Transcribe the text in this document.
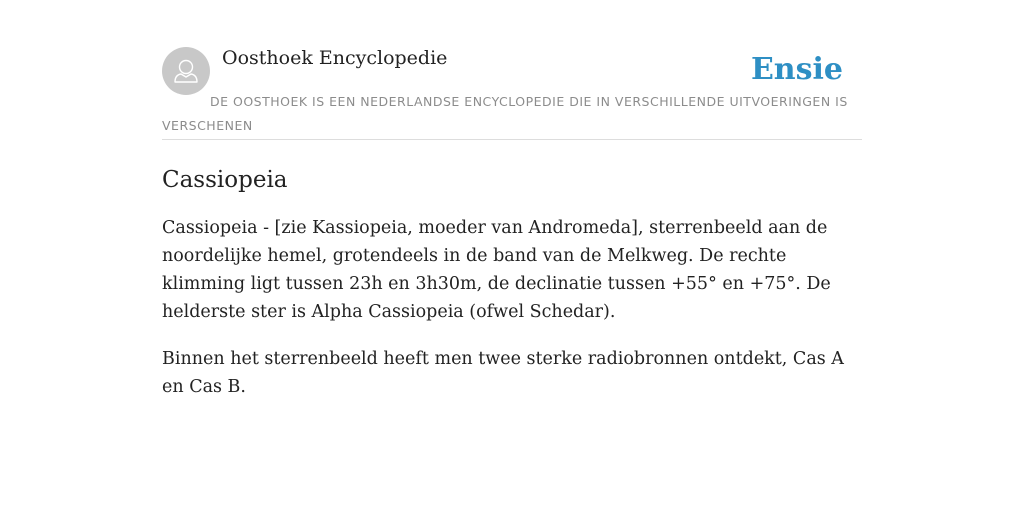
Oosthoek Encyclopedie	Ensie
DE OOSTHOEK IS EEN NEDERLANDSE ENCYCLOPEDIE DIE IN VERSCHILLENDE UITVOERINGEN IS VERSCHENEN
Cassiopeia

Cassiopeia - [zie Kassiopeia, moeder van Andromeda], sterrenbeeld aan de noordelijke hemel, grotendeels in de band van de Melkweg. De rechte klimming ligt tussen 23h en 3h30m, de declinatie tussen +55° en +75°. De helderste ster is Alpha Cassiopeia (ofwel Schedar).

Binnen het sterrenbeeld heeft men twee sterke radiobronnen ontdekt, Cas A en Cas B.
